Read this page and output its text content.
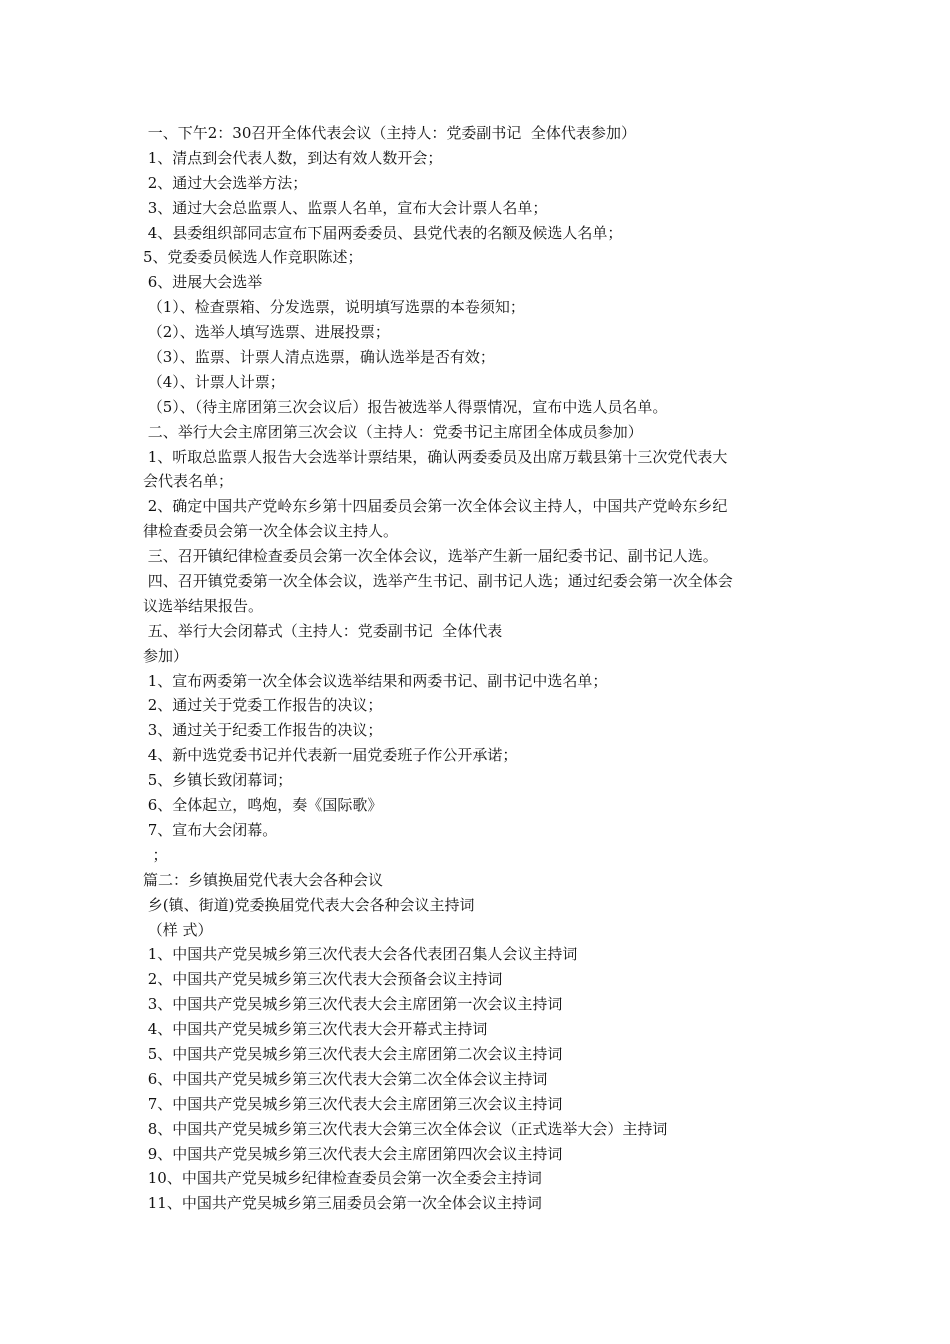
一、下午2：30召开全体代表会议（主持人：党委副书记  全体代表参加）
1、清点到会代表人数，到达有效人数开会；
2、通过大会选举方法；
3、通过大会总监票人、监票人名单，宣布大会计票人名单；
4、县委组织部同志宣布下届两委委员、县党代表的名额及候选人名单；
5、党委委员候选人作竞职陈述；
6、进展大会选举
（1）、检查票箱、分发选票，说明填写选票的本卷须知；
（2）、选举人填写选票、进展投票；
（3）、监票、计票人清点选票，确认选举是否有效；
（4）、计票人计票；
（5）、（待主席团第三次会议后）报告被选举人得票情况，宣布中选人员名单。
二、举行大会主席团第三次会议（主持人：党委书记主席团全体成员参加）
1、听取总监票人报告大会选举计票结果，确认两委委员及出席万载县第十三次党代表大
会代表名单；
2、确定中国共产党岭东乡第十四届委员会第一次全体会议主持人，中国共产党岭东乡纪
律检查委员会第一次全体会议主持人。
三、召开镇纪律检查委员会第一次全体会议，选举产生新一届纪委书记、副书记人选。
四、召开镇党委第一次全体会议，选举产生书记、副书记人选；通过纪委会第一次全体会
议选举结果报告。
五、举行大会闭幕式（主持人：党委副书记  全体代表
参加）
1、宣布两委第一次全体会议选举结果和两委书记、副书记中选名单；
2、通过关于党委工作报告的决议；
3、通过关于纪委工作报告的决议；
4、新中选党委书记并代表新一届党委班子作公开承诺；
5、乡镇长致闭幕词；
6、全体起立，鸣炮，奏《国际歌》
7、宣布大会闭幕。
；
篇二：乡镇换届党代表大会各种会议
乡(镇、街道)党委换届党代表大会各种会议主持词
（样 式）
1、中国共产党吴城乡第三次代表大会各代表团召集人会议主持词
2、中国共产党吴城乡第三次代表大会预备会议主持词
3、中国共产党吴城乡第三次代表大会主席团第一次会议主持词
4、中国共产党吴城乡第三次代表大会开幕式主持词
5、中国共产党吴城乡第三次代表大会主席团第二次会议主持词
6、中国共产党吴城乡第三次代表大会第二次全体会议主持词
7、中国共产党吴城乡第三次代表大会主席团第三次会议主持词
8、中国共产党吴城乡第三次代表大会第三次全体会议（正式选举大会）主持词
9、中国共产党吴城乡第三次代表大会主席团第四次会议主持词
10、中国共产党吴城乡纪律检查委员会第一次全委会主持词
11、中国共产党吴城乡第三届委员会第一次全体会议主持词
